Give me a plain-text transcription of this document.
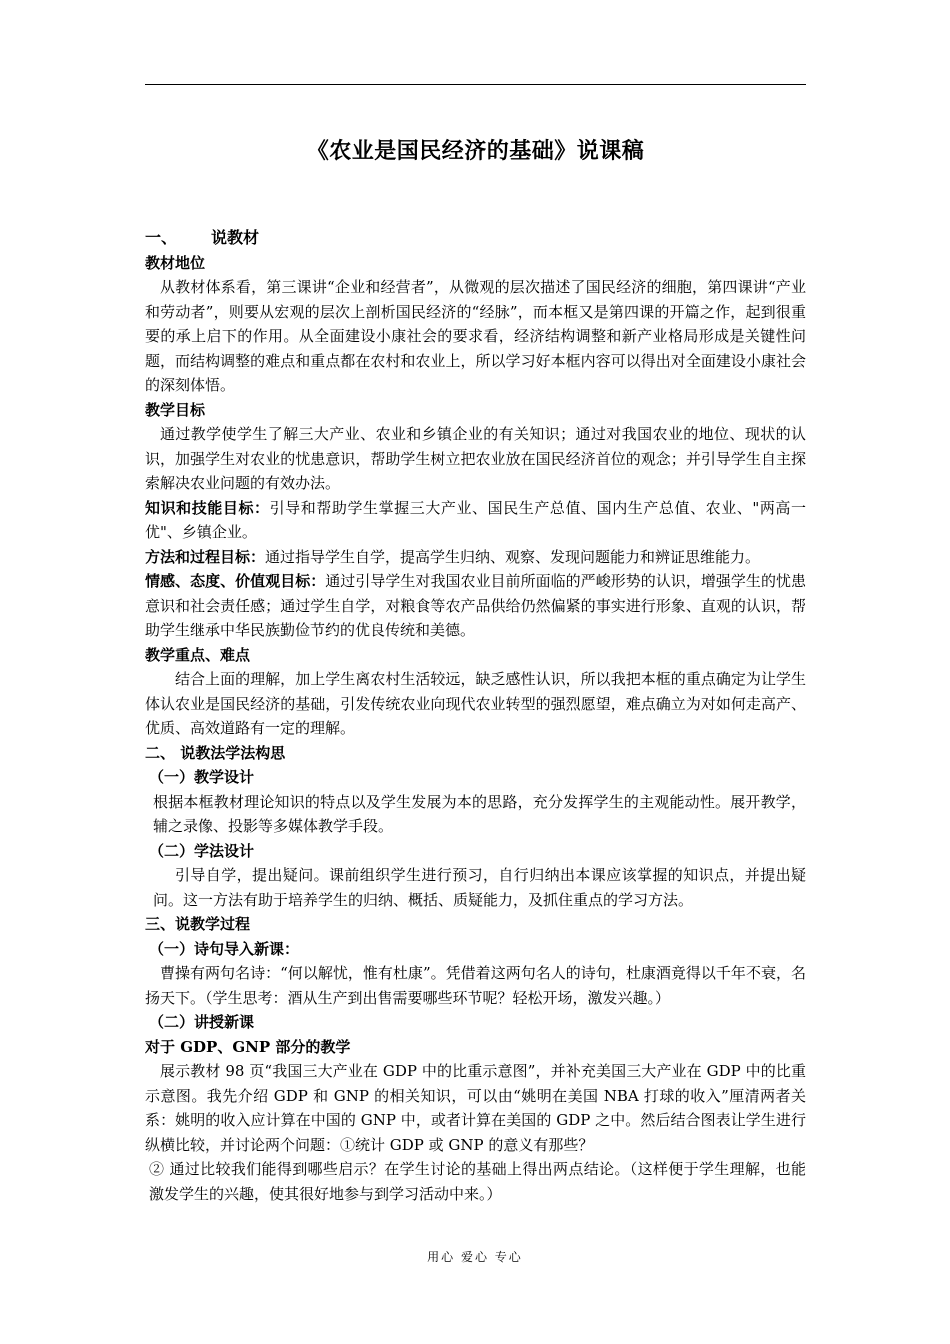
《农业是国民经济的基础》说课稿

一、 说教材

教材地位

从教材体系看，第三课讲“企业和经营者”，从微观的层次描述了国民经济的细胞，第四课讲“产业和劳动者”，则要从宏观的层次上剖析国民经济的“经脉”，而本框又是第四课的开篇之作，起到很重要的承上启下的作用。从全面建设小康社会的要求看，经济结构调整和新产业格局形成是关键性问题，而结构调整的难点和重点都在农村和农业上，所以学习好本框内容可以得出对全面建设小康社会的深刻体悟。

教学目标

通过教学使学生了解三大产业、农业和乡镇企业的有关知识；通过对我国农业的地位、现状的认识，加强学生对农业的忧患意识，帮助学生树立把农业放在国民经济首位的观念；并引导学生自主探索解决农业问题的有效办法。

知识和技能目标：引导和帮助学生掌握三大产业、国民生产总值、国内生产总值、农业、"两高一优"、乡镇企业。

方法和过程目标：通过指导学生自学，提高学生归纳、观察、发现问题能力和辨证思维能力。

情感、态度、价值观目标：通过引导学生对我国农业目前所面临的严峻形势的认识，增强学生的忧患意识和社会责任感；通过学生自学，对粮食等农产品供给仍然偏紧的事实进行形象、直观的认识，帮助学生继承中华民族勤俭节约的优良传统和美德。

教学重点、难点

结合上面的理解，加上学生离农村生活较远，缺乏感性认识，所以我把本框的重点确定为让学生体认农业是国民经济的基础，引发传统农业向现代农业转型的强烈愿望，难点确立为对如何走高产、优质、高效道路有一定的理解。

二、 说教法学法构思

（一）教学设计

根据本框教材理论知识的特点以及学生发展为本的思路，充分发挥学生的主观能动性。展开教学，辅之录像、投影等多媒体教学手段。

（二）学法设计

引导自学，提出疑问。课前组织学生进行预习，自行归纳出本课应该掌握的知识点，并提出疑问。这一方法有助于培养学生的归纳、概括、质疑能力，及抓住重点的学习方法。

三、说教学过程

（一）诗句导入新课：

曹操有两句名诗：“何以解忧，惟有杜康”。凭借着这两句名人的诗句，杜康酒竟得以千年不衰，名扬天下。（学生思考：酒从生产到出售需要哪些环节呢？轻松开场，激发兴趣。）

（二）讲授新课

对于 GDP、GNP 部分的教学

展示教材 98 页“我国三大产业在 GDP 中的比重示意图”，并补充美国三大产业在 GDP 中的比重示意图。我先介绍 GDP 和 GNP 的相关知识，可以由“姚明在美国 NBA 打球的收入”厘清两者关系：姚明的收入应计算在中国的 GNP 中，或者计算在美国的 GDP 之中。然后结合图表让学生进行纵横比较，并讨论两个问题：①统计 GDP 或 GNP 的意义有那些？

② 通过比较我们能得到哪些启示？在学生讨论的基础上得出两点结论。（这样便于学生理解，也能激发学生的兴趣，使其很好地参与到学习活动中来。）

用心 爱心 专心
